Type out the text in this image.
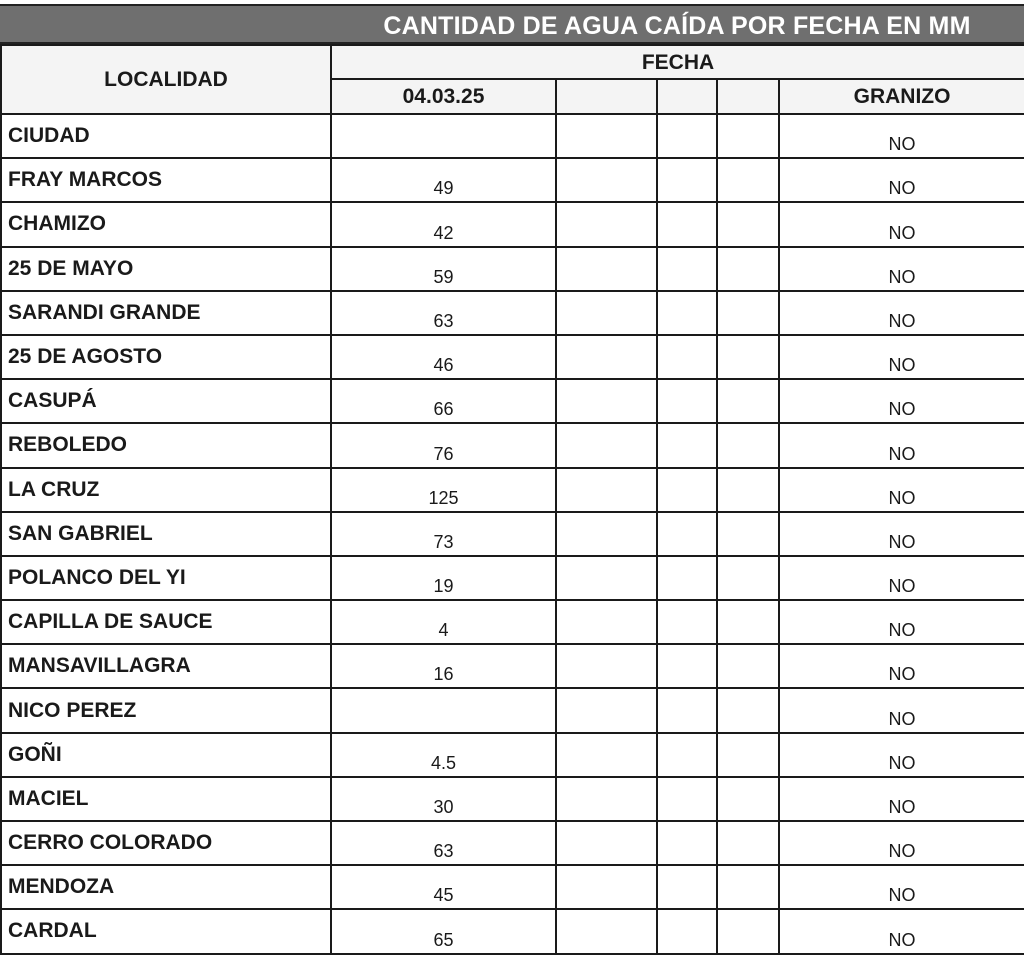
CANTIDAD DE AGUA CAÍDA POR FECHA EN MM
LOCALIDAD	FECHA				
	04.03.25				GRANIZO
CIUDAD					NO
FRAY MARCOS	49				NO
CHAMIZO	42				NO
25 DE MAYO	59				NO
SARANDI GRANDE	63				NO
25 DE AGOSTO	46				NO
CASUPÁ	66				NO
REBOLEDO	76				NO
LA CRUZ	125				NO
SAN GABRIEL	73				NO
POLANCO DEL YI	19				NO
CAPILLA DE SAUCE	4				NO
MANSAVILLAGRA	16				NO
NICO PEREZ					NO
GOÑI	4.5				NO
MACIEL	30				NO
CERRO COLORADO	63				NO
MENDOZA	45				NO
CARDAL	65				NO
